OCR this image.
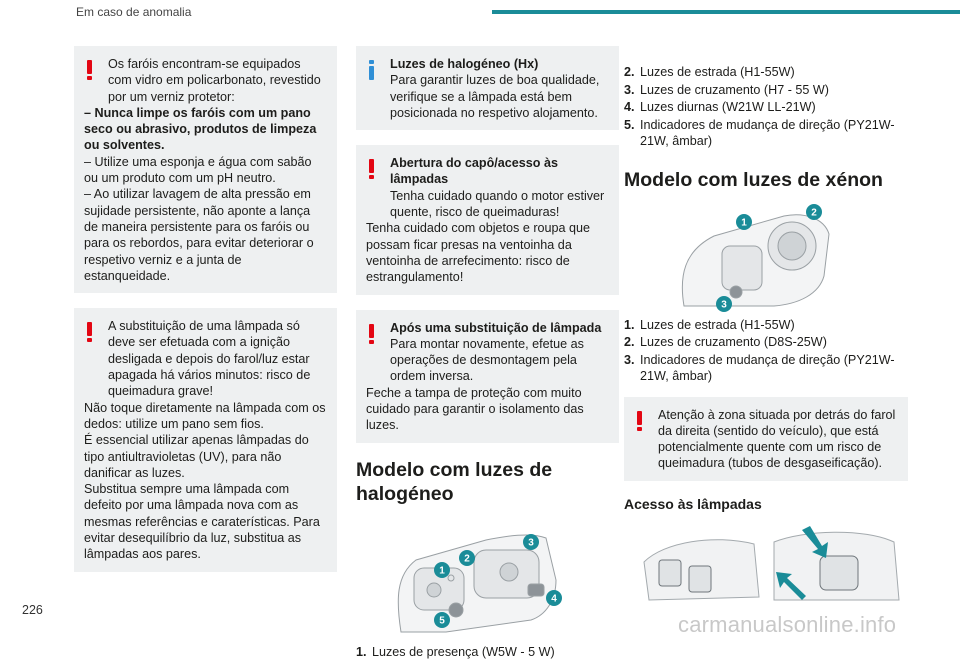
Em caso de anomalia

Os faróis encontram-se equipados com vidro em policarbonato, revestido por um verniz protetor:

– Nunca limpe os faróis com um pano seco ou abrasivo, produtos de limpeza ou solventes.

– Utilize uma esponja e água com sabão ou um produto com um pH neutro.

– Ao utilizar lavagem de alta pressão em sujidade persistente, não aponte a lança de maneira persistente para os faróis ou para os rebordos, para evitar deteriorar o respetivo verniz e a junta de estanqueidade.

A substituição de uma lâmpada só deve ser efetuada com a ignição desligada e depois do farol/luz estar apagada há vários minutos: risco de queimadura grave!

Não toque diretamente na lâmpada com os dedos: utilize um pano sem fios.

É essencial utilizar apenas lâmpadas do tipo antiultravioletas (UV), para não danificar as luzes.

Substitua sempre uma lâmpada com defeito por uma lâmpada nova com as mesmas referências e caraterísticas. Para evitar desequilíbrio da luz, substitua as lâmpadas aos pares.

Luzes de halogéneo (Hx)

Para garantir luzes de boa qualidade, verifique se a lâmpada está bem posicionada no respetivo alojamento.

Abertura do capô/acesso às lâmpadas

Tenha cuidado quando o motor estiver quente, risco de queimaduras!

Tenha cuidado com objetos e roupa que possam ficar presas na ventoinha da ventoinha de arrefecimento: risco de estrangulamento!

Após uma substituição de lâmpada

Para montar novamente, efetue as operações de desmontagem pela ordem inversa.

Feche a tampa de proteção com muito cuidado para garantir o isolamento das luzes.

Modelo com luzes de halogéneo
1
2
3
4
5
1. Luzes de presença (W5W - 5 W)
2. Luzes de estrada (H1-55W)
3. Luzes de cruzamento (H7 - 55 W)
4. Luzes diurnas (W21W LL-21W)
5. Indicadores de mudança de direção (PY21W-21W, âmbar)
Modelo com luzes de xénon
1
2
3
1. Luzes de estrada (H1-55W)
2. Luzes de cruzamento (D8S-25W)
3. Indicadores de mudança de direção (PY21W-21W, âmbar)

Atenção à zona situada por detrás do farol da direita (sentido do veículo), que está potencialmente quente com um risco de queimadura (tubos de desgaseificação).

Acesso às lâmpadas
226
carmanualsonline.info
